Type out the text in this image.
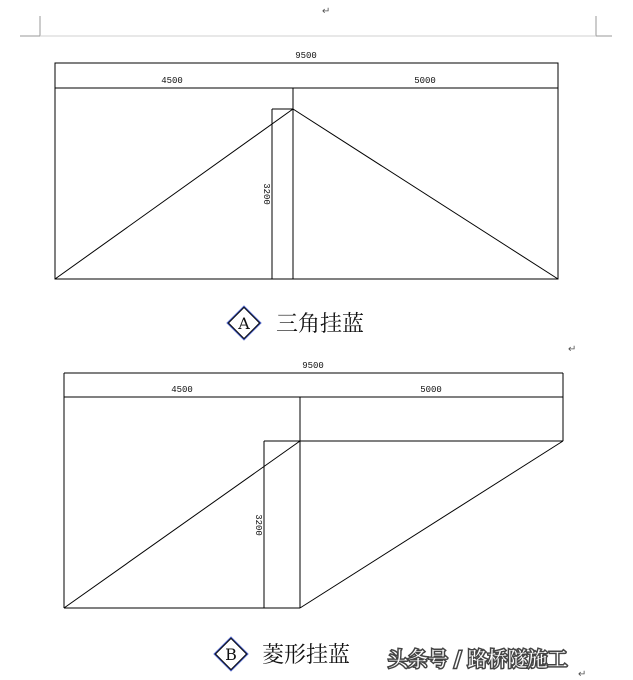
↵
9500
4500	5000
3200
A 三角挂蓝
↵
9500
4500	5000
3200
B 菱形挂蓝 头条号 / 路桥隧施工
↵
